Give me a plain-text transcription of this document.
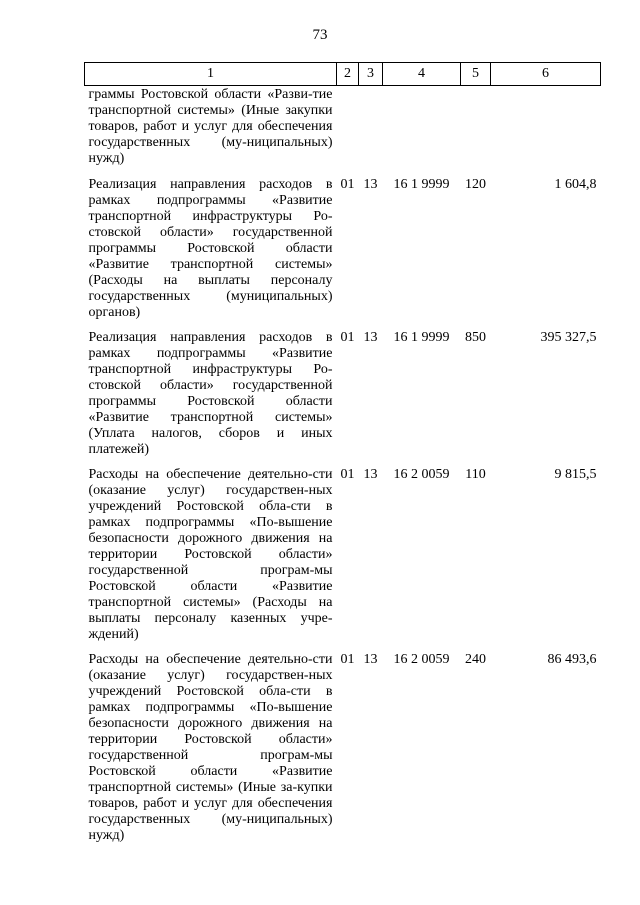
73
1	2	3	4	5	6
граммы Ростовской области «Разви-тие транспортной системы» (Иные закупки товаров, работ и услуг для обеспечения государственных (му-ниципальных) нужд)					
Реализация направления расходов в рамках подпрограммы «Развитие транспортной инфраструктуры Ро-стовской области» государственной программы Ростовской области «Развитие транспортной системы» (Расходы на выплаты персоналу государственных (муниципальных) органов)	01	13	16 1 9999	120	1 604,8
Реализация направления расходов в рамках подпрограммы «Развитие транспортной инфраструктуры Ро-стовской области» государственной программы Ростовской области «Развитие транспортной системы» (Уплата налогов, сборов и иных платежей)	01	13	16 1 9999	850	395 327,5
Расходы на обеспечение деятельно-сти (оказание услуг) государствен-ных учреждений Ростовской обла-сти в рамках подпрограммы «По-вышение безопасности дорожного движения на территории Ростовской области» государственной програм-мы Ростовской области «Развитие транспортной системы» (Расходы на выплаты персоналу казенных учре-ждений)	01	13	16 2 0059	110	9 815,5
Расходы на обеспечение деятельно-сти (оказание услуг) государствен-ных учреждений Ростовской обла-сти в рамках подпрограммы «По-вышение безопасности дорожного движения на территории Ростовской области» государственной програм-мы Ростовской области «Развитие транспортной системы» (Иные за-купки товаров, работ и услуг для обеспечения государственных (му-ниципальных) нужд)	01	13	16 2 0059	240	86 493,6
